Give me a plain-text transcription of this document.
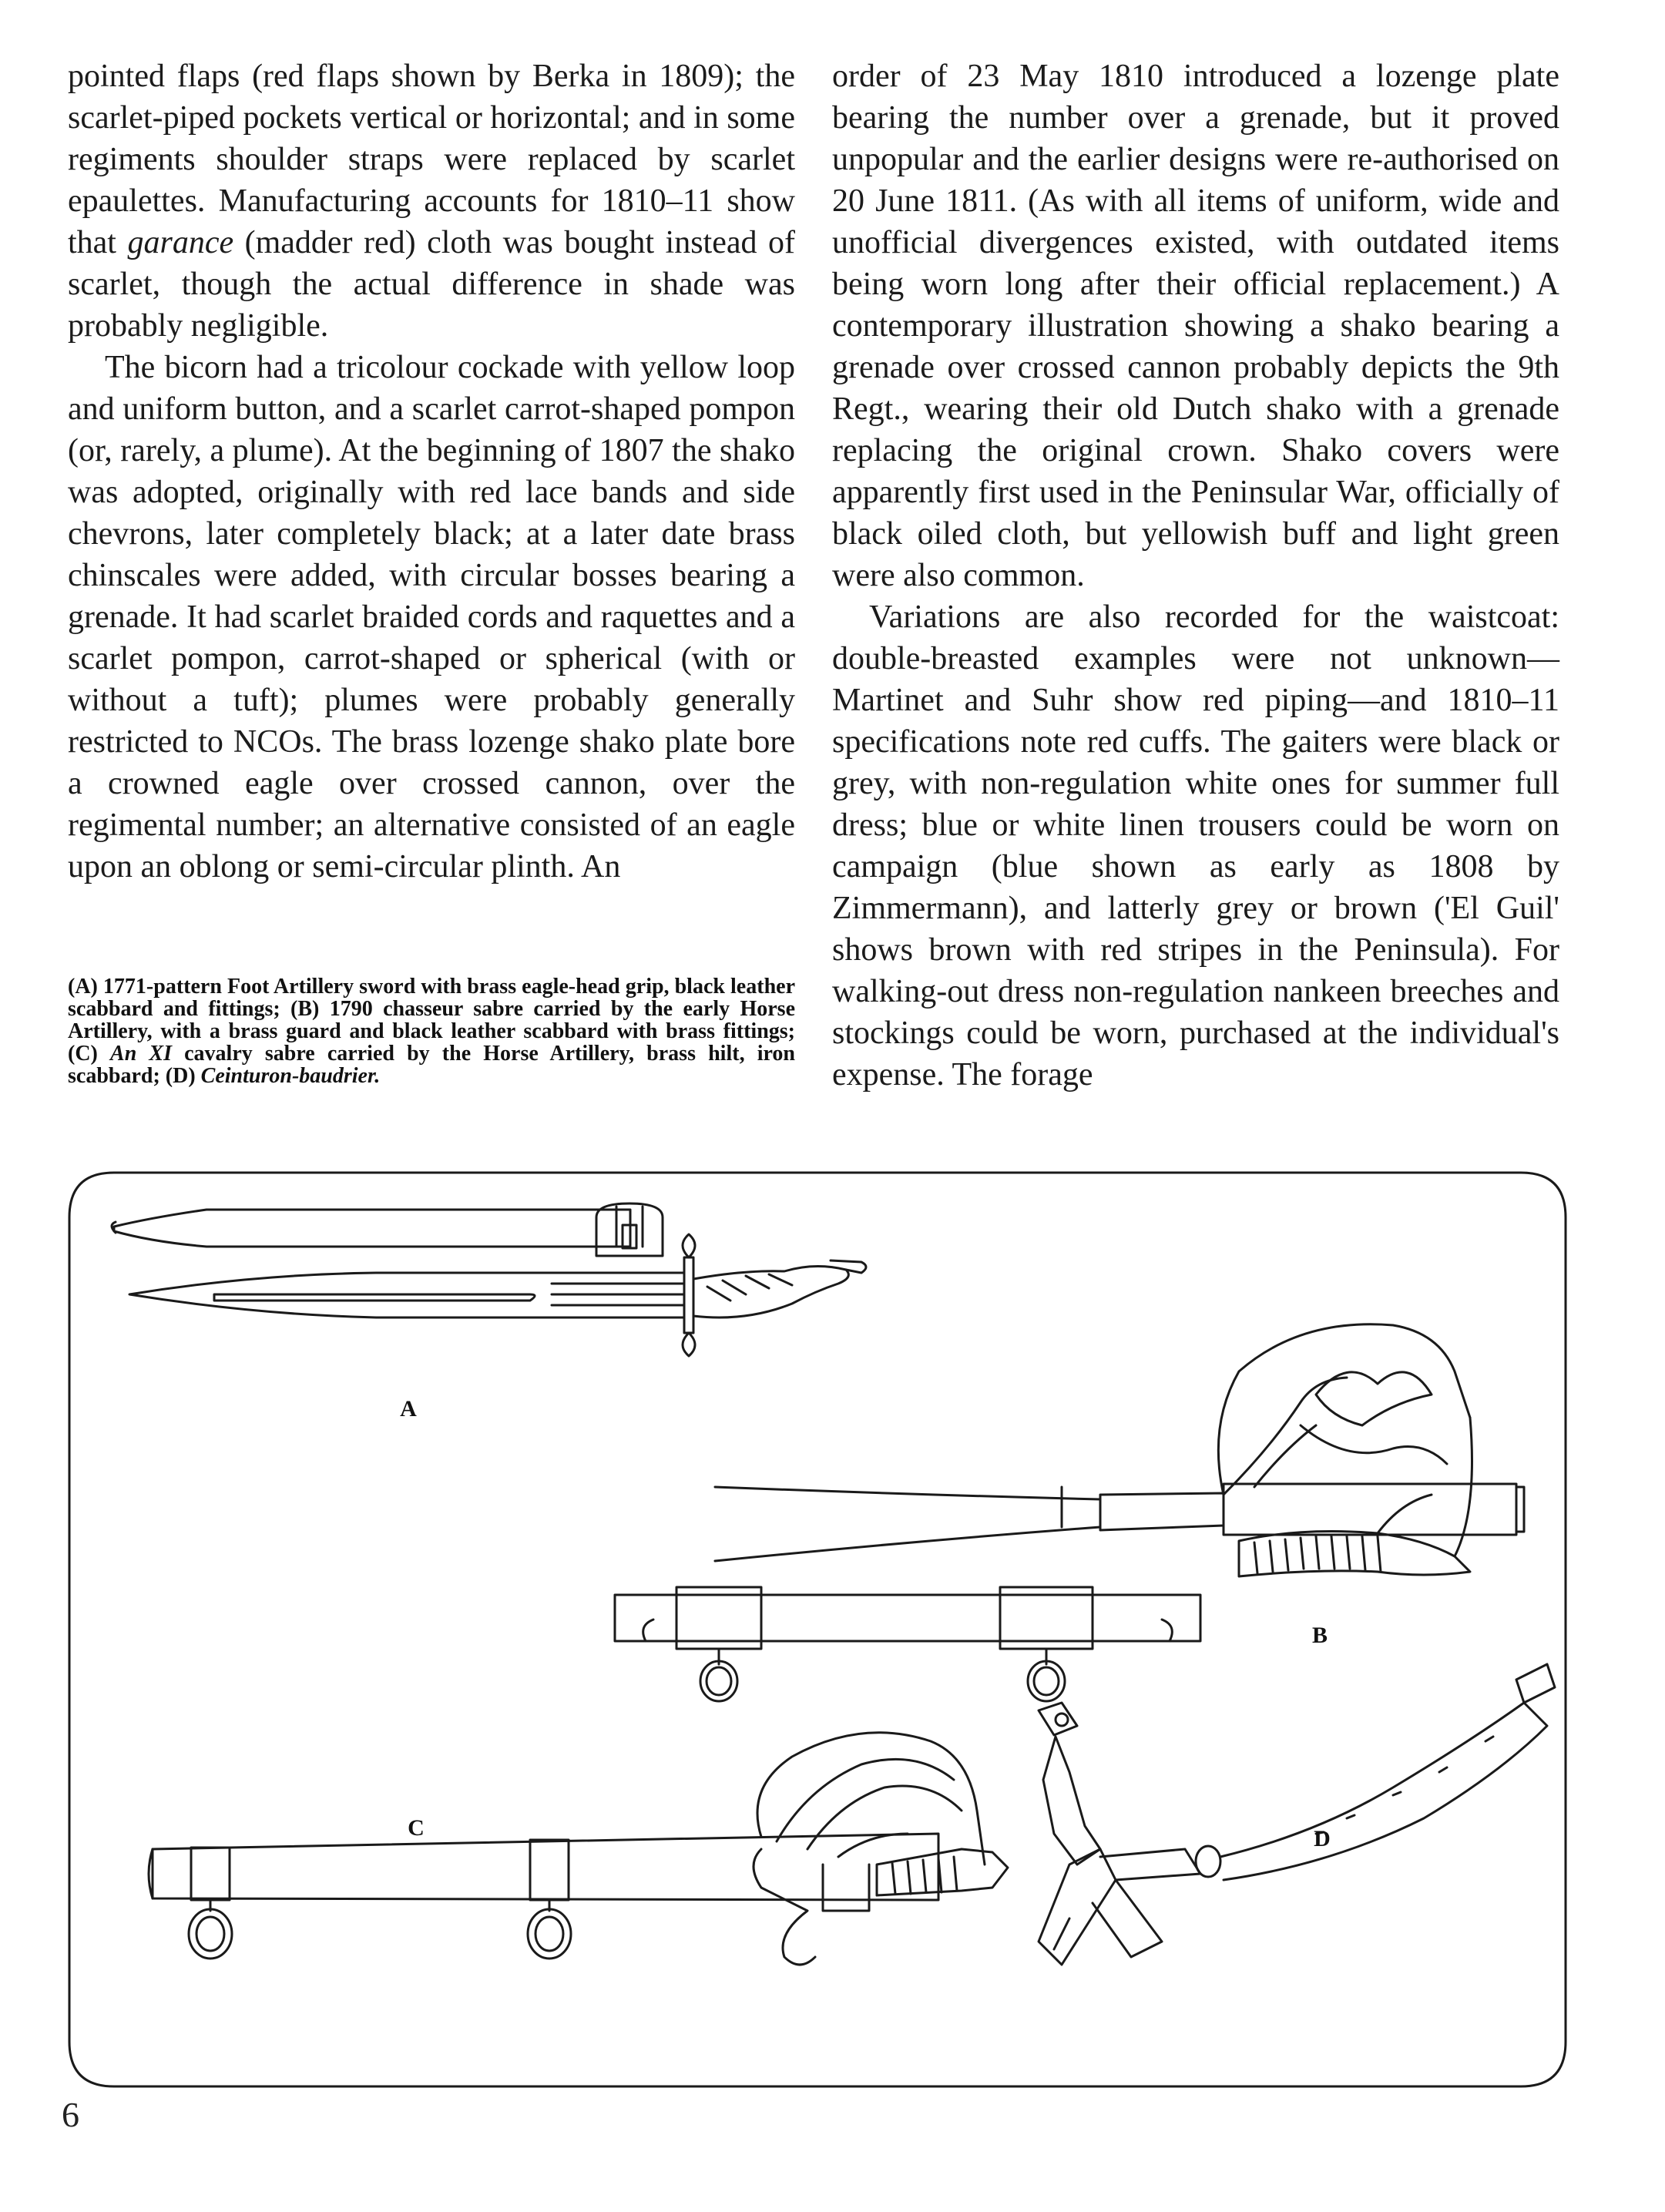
pointed flaps (red flaps shown by Berka in 1809); the scarlet-piped pockets vertical or horizontal; and in some regiments shoulder straps were replaced by scarlet epaulettes. Manufacturing accounts for 1810–11 show that garance (madder red) cloth was bought instead of scarlet, though the actual difference in shade was probably negligible.

The bicorn had a tricolour cockade with yellow loop and uniform button, and a scarlet carrot-shaped pompon (or, rarely, a plume). At the beginning of 1807 the shako was adopted, originally with red lace bands and side chevrons, later completely black; at a later date brass chinscales were added, with circular bosses bearing a grenade. It had scarlet braided cords and raquettes and a scarlet pompon, carrot-shaped or spherical (with or without a tuft); plumes were probably generally restricted to NCOs. The brass lozenge shako plate bore a crowned eagle over crossed cannon, over the regimental number; an alternative consisted of an eagle upon an oblong or semi-circular plinth. An

(A) 1771-pattern Foot Artillery sword with brass eagle-head grip, black leather scabbard and fittings; (B) 1790 chasseur sabre carried by the early Horse Artillery, with a brass guard and black leather scabbard with brass fittings; (C) An XI cavalry sabre carried by the Horse Artillery, brass hilt, iron scabbard; (D) Ceinturon-baudrier.

order of 23 May 1810 introduced a lozenge plate bearing the number over a grenade, but it proved unpopular and the earlier designs were re-authorised on 20 June 1811. (As with all items of uniform, wide and unofficial divergences existed, with outdated items being worn long after their official replacement.) A contemporary illustration showing a shako bearing a grenade over crossed cannon probably depicts the 9th Regt., wearing their old Dutch shako with a grenade replacing the original crown. Shako covers were apparently first used in the Peninsular War, officially of black oiled cloth, but yellowish buff and light green were also common.

Variations are also recorded for the waistcoat: double-breasted examples were not unknown—Martinet and Suhr show red piping—and 1810–11 specifications note red cuffs. The gaiters were black or grey, with non-regulation white ones for summer full dress; blue or white linen trousers could be worn on campaign (blue shown as early as 1808 by Zimmermann), and latterly grey or brown ('El Guil' shows brown with red stripes in the Peninsula). For walking-out dress non-regulation nankeen breeches and stockings could be worn, purchased at the individual's expense. The forage

A
B
C	D
6
